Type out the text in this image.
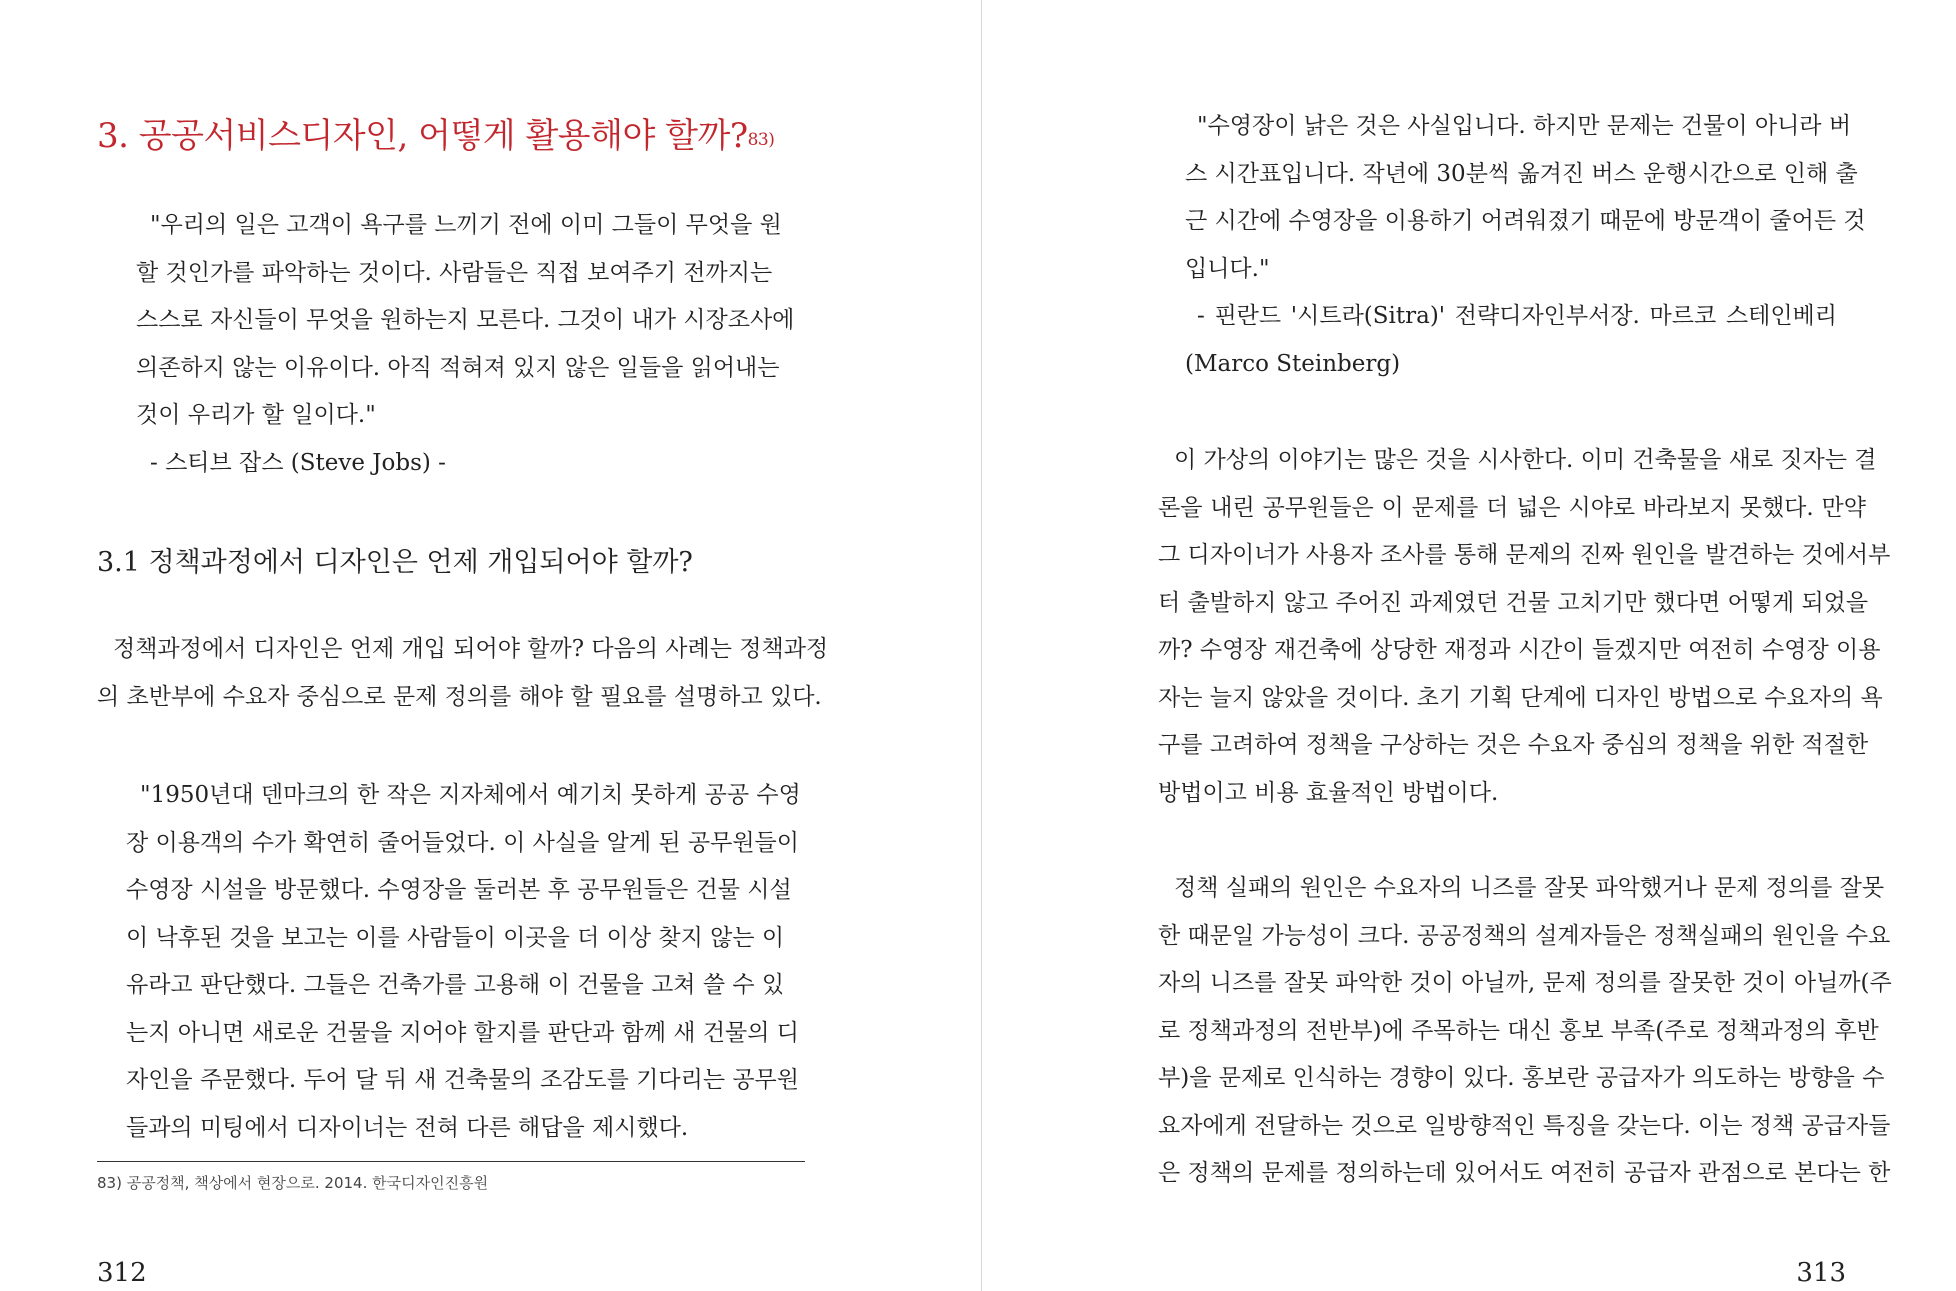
3. 공공서비스디자인, 어떻게 활용해야 할까?$^{83)}$
"우리의 일은 고객이 욕구를 느끼기 전에 이미 그들이 무엇을 원
할 것인가를 파악하는 것이다. 사람들은 직접 보여주기 전까지는
스스로 자신들이 무엇을 원하는지 모른다. 그것이 내가 시장조사에
의존하지 않는 이유이다. 아직 적혀져 있지 않은 일들을 읽어내는
것이 우리가 할 일이다."
- 스티브 잡스 (Steve Jobs) -
3.1 정책과정에서 디자인은 언제 개입되어야 할까?
정책과정에서 디자인은 언제 개입 되어야 할까? 다음의 사례는 정책과정
의 초반부에 수요자 중심으로 문제 정의를 해야 할 필요를 설명하고 있다.
"1950년대 덴마크의 한 작은 지자체에서 예기치 못하게 공공 수영
장 이용객의 수가 확연히 줄어들었다. 이 사실을 알게 된 공무원들이
수영장 시설을 방문했다. 수영장을 둘러본 후 공무원들은 건물 시설
이 낙후된 것을 보고는 이를 사람들이 이곳을 더 이상 찾지 않는 이
유라고 판단했다. 그들은 건축가를 고용해 이 건물을 고쳐 쓸 수 있
는지 아니면 새로운 건물을 지어야 할지를 판단과 함께 새 건물의 디
자인을 주문했다. 두어 달 뒤 새 건축물의 조감도를 기다리는 공무원
들과의 미팅에서 디자이너는 전혀 다른 해답을 제시했다.
83) 공공정책, 책상에서 현장으로. 2014. 한국디자인진흥원
312
"수영장이 낡은 것은 사실입니다. 하지만 문제는 건물이 아니라 버
스 시간표입니다. 작년에 30분씩 옮겨진 버스 운행시간으로 인해 출
근 시간에 수영장을 이용하기 어려워졌기 때문에 방문객이 줄어든 것
입니다."
- 핀란드 '시트라(Sitra)' 전략디자인부서장. 마르코 스테인베리
(Marco Steinberg)
이 가상의 이야기는 많은 것을 시사한다. 이미 건축물을 새로 짓자는 결
론을 내린 공무원들은 이 문제를 더 넓은 시야로 바라보지 못했다. 만약
그 디자이너가 사용자 조사를 통해 문제의 진짜 원인을 발견하는 것에서부
터 출발하지 않고 주어진 과제였던 건물 고치기만 했다면 어떻게 되었을
까? 수영장 재건축에 상당한 재정과 시간이 들겠지만 여전히 수영장 이용
자는 늘지 않았을 것이다. 초기 기획 단계에 디자인 방법으로 수요자의 욕
구를 고려하여 정책을 구상하는 것은 수요자 중심의 정책을 위한 적절한
방법이고 비용 효율적인 방법이다.
정책 실패의 원인은 수요자의 니즈를 잘못 파악했거나 문제 정의를 잘못
한 때문일 가능성이 크다. 공공정책의 설계자들은 정책실패의 원인을 수요
자의 니즈를 잘못 파악한 것이 아닐까, 문제 정의를 잘못한 것이 아닐까(주
로 정책과정의 전반부)에 주목하는 대신 홍보 부족(주로 정책과정의 후반
부)을 문제로 인식하는 경향이 있다. 홍보란 공급자가 의도하는 방향을 수
요자에게 전달하는 것으로 일방향적인 특징을 갖는다. 이는 정책 공급자들
은 정책의 문제를 정의하는데 있어서도 여전히 공급자 관점으로 본다는 한
313
